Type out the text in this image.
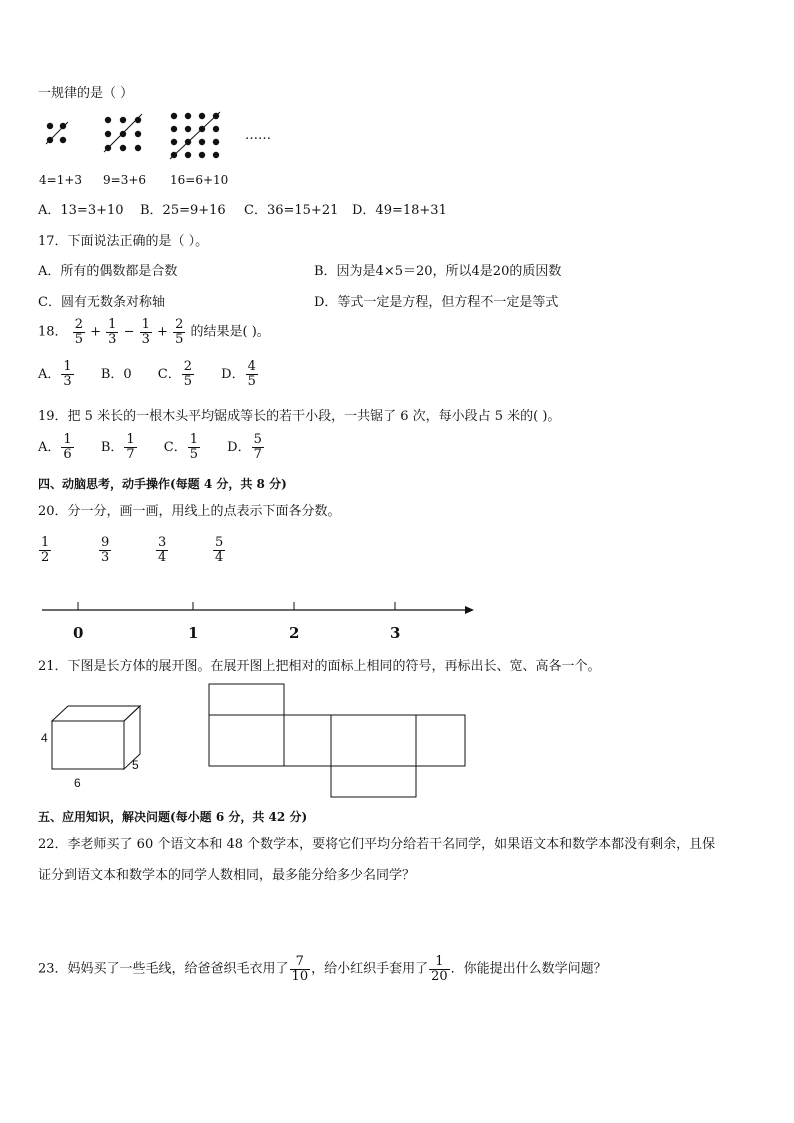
一规律的是（ ）
……
4=1+3 9=3+6 16=6+10
A．13=3+10 B．25=9+16 C．36=15+21 D．49=18+31
17．下面说法正确的是（ ）。
A．所有的偶数都是合数	B．因为是4×5＝20，所以4是20的质因数
C．圆有无数条对称轴	D．等式一定是方程，但方程不一定是等式
18． $\frac{2}{5} + \frac{1}{3} - \frac{1}{3} + \frac{2}{5}$ 的结果是( )。
A． $\frac{1}{3}$ B．0 C． $\frac{2}{5}$ D． $\frac{4}{5}$
19．把 5 米长的一根木头平均锯成等长的若干小段，一共锯了 6 次，每小段占 5 米的( )。
A． $\frac{1}{6}$ B． $\frac{1}{7}$ C． $\frac{1}{5}$ D． $\frac{5}{7}$
四、动脑思考，动手操作(每题 4 分，共 8 分)
20．分一分，画一画，用线上的点表示下面各分数。
$\frac{1}{2}$	$\frac{9}{3}$	$\frac{3}{4}$	$\frac{5}{4}$
0	1	2	3
21．下图是长方体的展开图。在展开图上把相对的面标上相同的符号，再标出长、宽、高各一个。
4
6
5
五、应用知识，解决问题(每小题 6 分，共 42 分)
22．李老师买了 60 个语文本和 48 个数学本，要将它们平均分给若干名同学，如果语文本和数学本都没有剩余，且保
证分到语文本和数学本的同学人数相同，最多能分给多少名同学？
23．妈妈买了一些毛线，给爸爸织毛衣用了 $\frac{7}{10}$ ，给小红织手套用了 $\frac{1}{20}$ ．你能提出什么数学问题？
